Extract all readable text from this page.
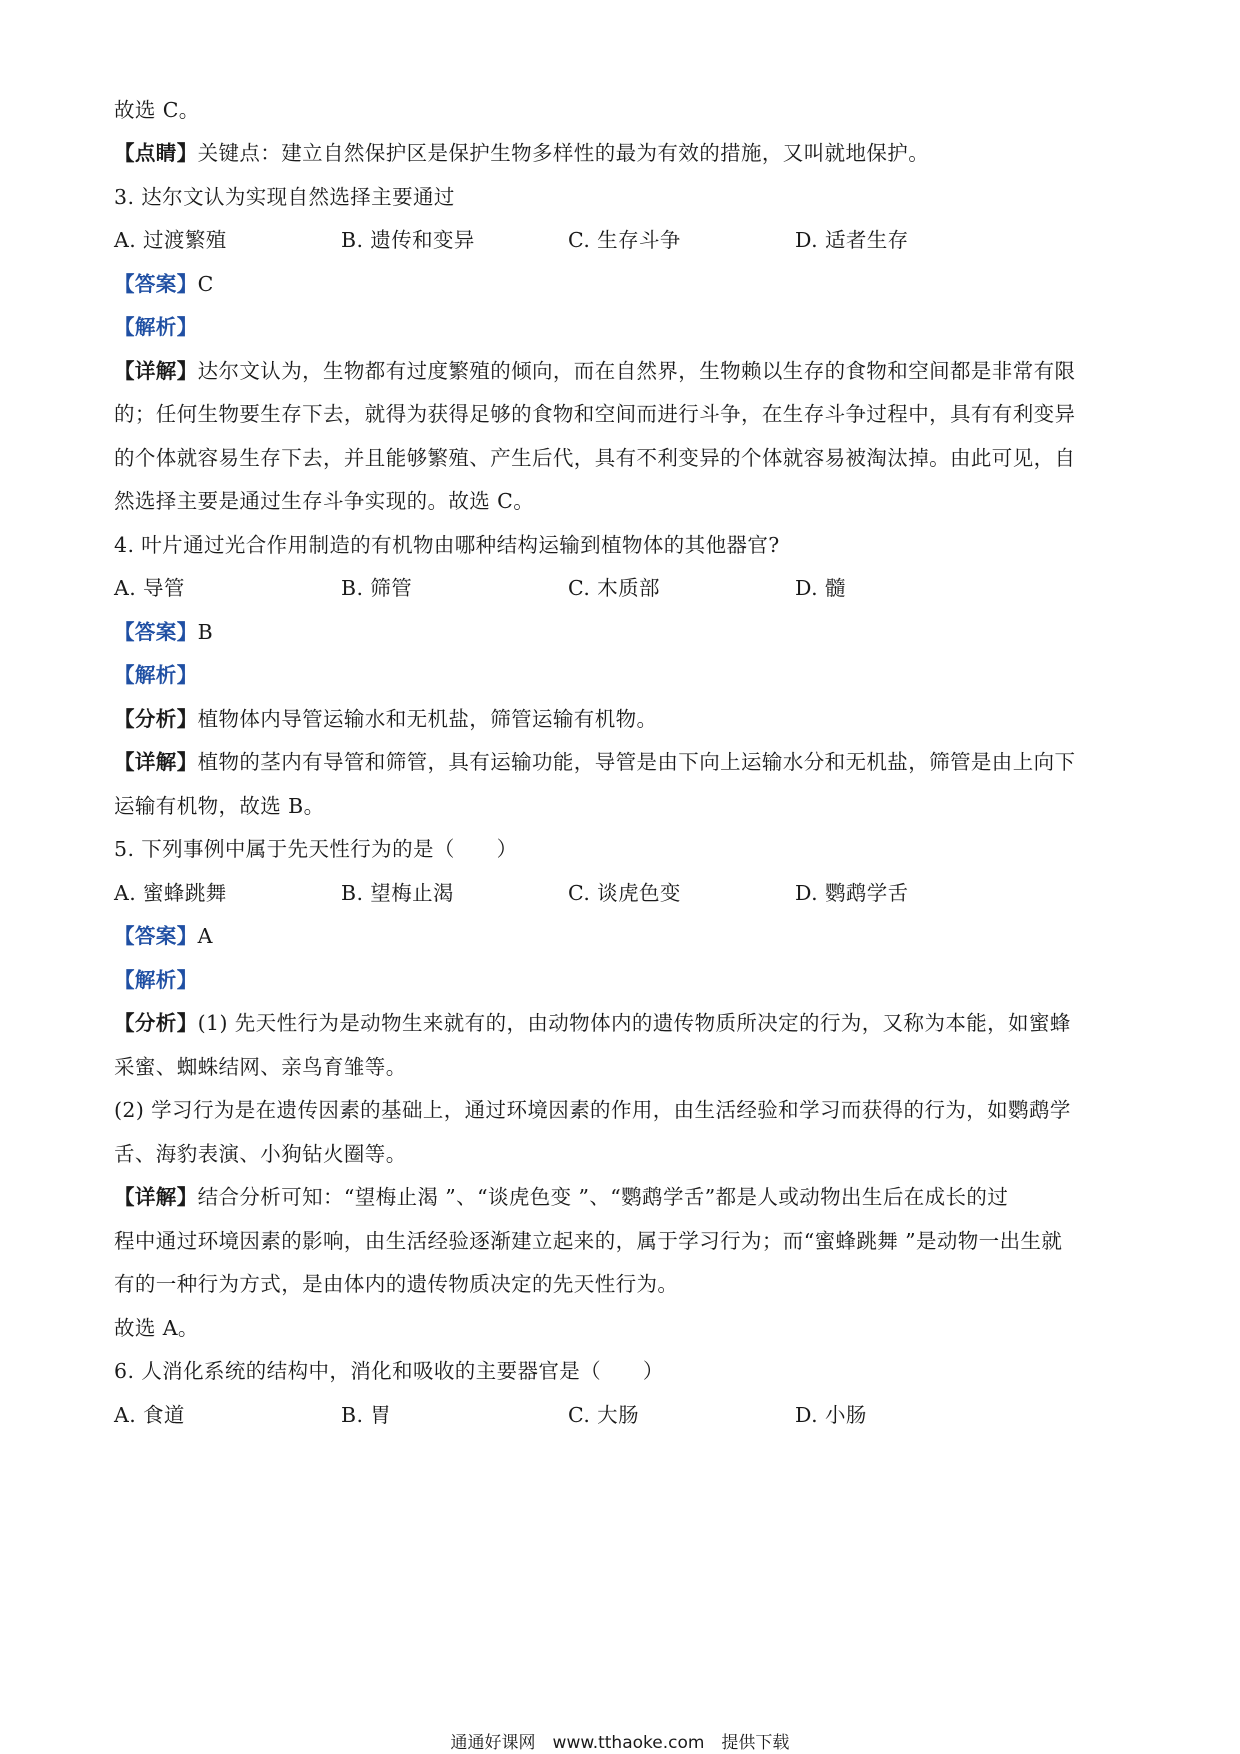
故选 C。
【点睛】关键点：建立自然保护区是保护生物多样性的最为有效的措施，又叫就地保护。
3. 达尔文认为实现自然选择主要通过
A. 过渡繁殖	B. 遗传和变异	C. 生存斗争	D. 适者生存
【答案】C
【解析】
【详解】达尔文认为，生物都有过度繁殖的倾向，而在自然界，生物赖以生存的食物和空间都是非常有限
的；任何生物要生存下去，就得为获得足够的食物和空间而进行斗争，在生存斗争过程中，具有有利变异
的个体就容易生存下去，并且能够繁殖、产生后代，具有不利变异的个体就容易被淘汰掉。由此可见，自
然选择主要是通过生存斗争实现的。故选 C。
4. 叶片通过光合作用制造的有机物由哪种结构运输到植物体的其他器官?
A. 导管	B. 筛管	C. 木质部	D. 髓
【答案】B
【解析】
【分析】植物体内导管运输水和无机盐，筛管运输有机物。
【详解】植物的茎内有导管和筛管，具有运输功能，导管是由下向上运输水分和无机盐，筛管是由上向下
运输有机物，故选 B。
5. 下列事例中属于先天性行为的是（　　）
A. 蜜蜂跳舞	B. 望梅止渴	C. 谈虎色变	D. 鹦鹉学舌
【答案】A
【解析】
【分析】(1) 先天性行为是动物生来就有的，由动物体内的遗传物质所决定的行为，又称为本能，如蜜蜂
采蜜、蜘蛛结网、亲鸟育雏等。
(2) 学习行为是在遗传因素的基础上，通过环境因素的作用，由生活经验和学习而获得的行为，如鹦鹉学
舌、海豹表演、小狗钻火圈等。
【详解】结合分析可知：“望梅止渴 ”、“谈虎色变 ”、“鹦鹉学舌”都是人或动物出生后在成长的过
程中通过环境因素的影响，由生活经验逐渐建立起来的，属于学习行为；而“蜜蜂跳舞 ”是动物一出生就
有的一种行为方式，是由体内的遗传物质决定的先天性行为。
故选 A。
6. 人消化系统的结构中，消化和吸收的主要器官是（　　）
A. 食道	B. 胃	C. 大肠	D. 小肠
通通好课网　www.tthaoke.com　提供下载
